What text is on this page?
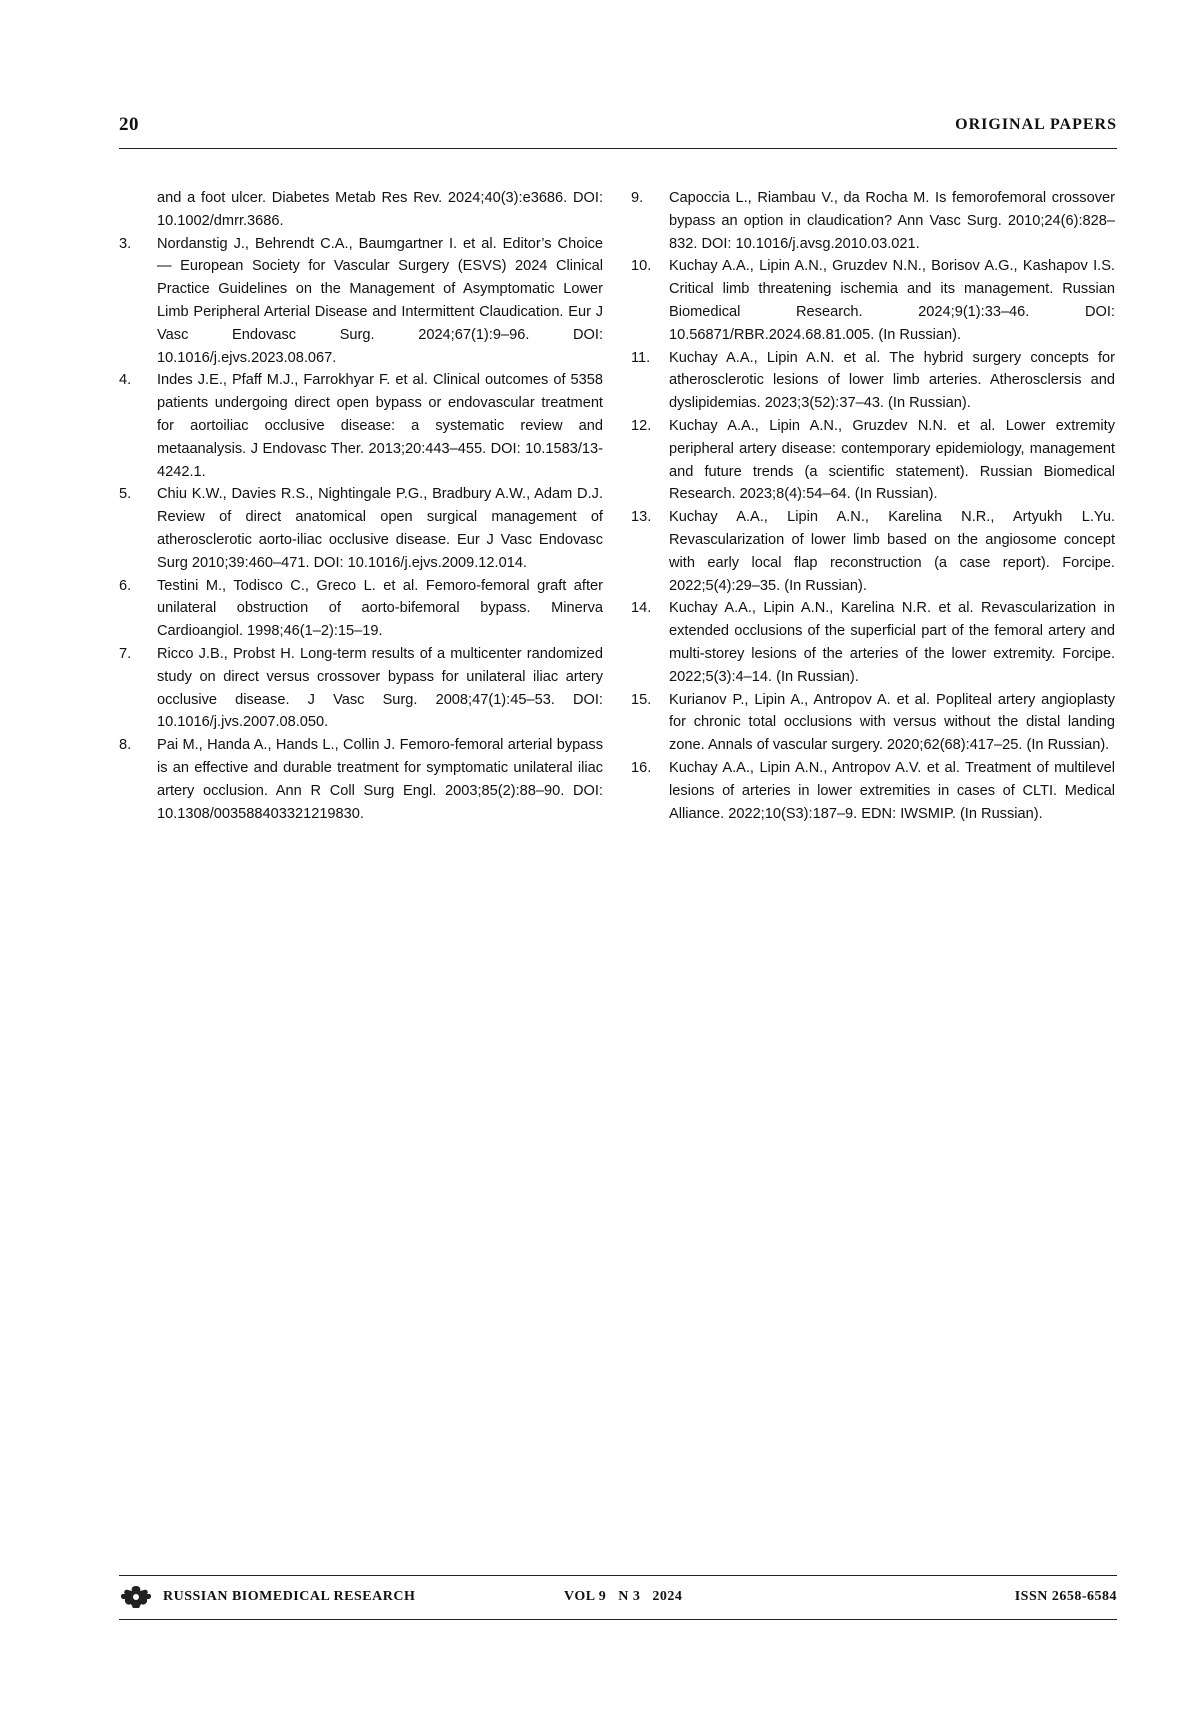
20	ORIGINAL PAPERS

and a foot ulcer. Diabetes Metab Res Rev. 2024;40(3):e3686. DOI: 10.1002/dmrr.3686.

3. Nordanstig J., Behrendt C.A., Baumgartner I. et al. Editor’s Choice — European Society for Vascular Surgery (ESVS) 2024 Clinical Practice Guidelines on the Management of Asymptomatic Lower Limb Peripheral Arterial Disease and Intermittent Claudication. Eur J Vasc Endovasc Surg. 2024;67(1):9–96. DOI: 10.1016/j.ejvs.2023.08.067.

4. Indes J.E., Pfaff M.J., Farrokhyar F. et al. Clinical outcomes of 5358 patients undergoing direct open bypass or endovascular treatment for aortoiliac occlusive disease: a systematic review and metaanalysis. J Endovasc Ther. 2013;20:443–455. DOI: 10.1583/13-4242.1.

5. Chiu K.W., Davies R.S., Nightingale P.G., Bradbury A.W., Adam D.J. Review of direct anatomical open surgical management of atherosclerotic aorto-iliac occlusive disease. Eur J Vasc Endovasc Surg 2010;39:460–471. DOI: 10.1016/j.ejvs.2009.12.014.

6. Testini M., Todisco C., Greco L. et al. Femoro-femoral graft after unilateral obstruction of aorto-bifemoral bypass. Minerva Cardioangiol. 1998;46(1–2):15–19.

7. Ricco J.B., Probst H. Long-term results of a multicenter randomized study on direct versus crossover bypass for unilateral iliac artery occlusive disease. J Vasc Surg. 2008;47(1):45–53. DOI: 10.1016/j.jvs.2007.08.050.

8. Pai M., Handa A., Hands L., Collin J. Femoro-femoral arterial bypass is an effective and durable treatment for symptomatic unilateral iliac artery occlusion. Ann R Coll Surg Engl. 2003;85(2):88–90. DOI: 10.1308/003588403321219830.

9. Capoccia L., Riambau V., da Rocha M. Is femorofemoral crossover bypass an option in claudication? Ann Vasc Surg. 2010;24(6):828–832. DOI: 10.1016/j.avsg.2010.03.021.

10. Kuchay A.A., Lipin A.N., Gruzdev N.N., Borisov A.G., Kashapov I.S. Critical limb threatening ischemia and its management. Russian Biomedical Research. 2024;9(1):33–46. DOI: 10.56871/RBR.2024.68.81.005. (In Russian).

11. Kuchay A.A., Lipin A.N. et al. The hybrid surgery concepts for atherosclerotic lesions of lower limb arteries. Atherosclersis and dyslipidemias. 2023;3(52):37–43. (In Russian).

12. Kuchay A.A., Lipin A.N., Gruzdev N.N. et al. Lower extremity peripheral artery disease: contemporary epidemiology, management and future trends (a scientific statement). Russian Biomedical Research. 2023;8(4):54–64. (In Russian).

13. Kuchay A.A., Lipin A.N., Karelina N.R., Artyukh L.Yu. Revascularization of lower limb based on the angiosome concept with early local flap reconstruction (a case report). Forcipe. 2022;5(4):29–35. (In Russian).

14. Kuchay A.A., Lipin A.N., Karelina N.R. et al. Revascularization in extended occlusions of the superficial part of the femoral artery and multi-storey lesions of the arteries of the lower extremity. Forcipe. 2022;5(3):4–14. (In Russian).

15. Kurianov P., Lipin A., Antropov A. et al. Popliteal artery angioplasty for chronic total occlusions with versus without the distal landing zone. Annals of vascular surgery. 2020;62(68):417–25. (In Russian).

16. Kuchay A.A., Lipin A.N., Antropov A.V. et al. Treatment of multilevel lesions of arteries in lower extremities in cases of CLTI. Medical Alliance. 2022;10(S3):187–9. EDN: IWSMIP. (In Russian).

RUSSIAN BIOMEDICAL RESEARCH	VOL 9   N 3   2024	ISSN 2658-6584
